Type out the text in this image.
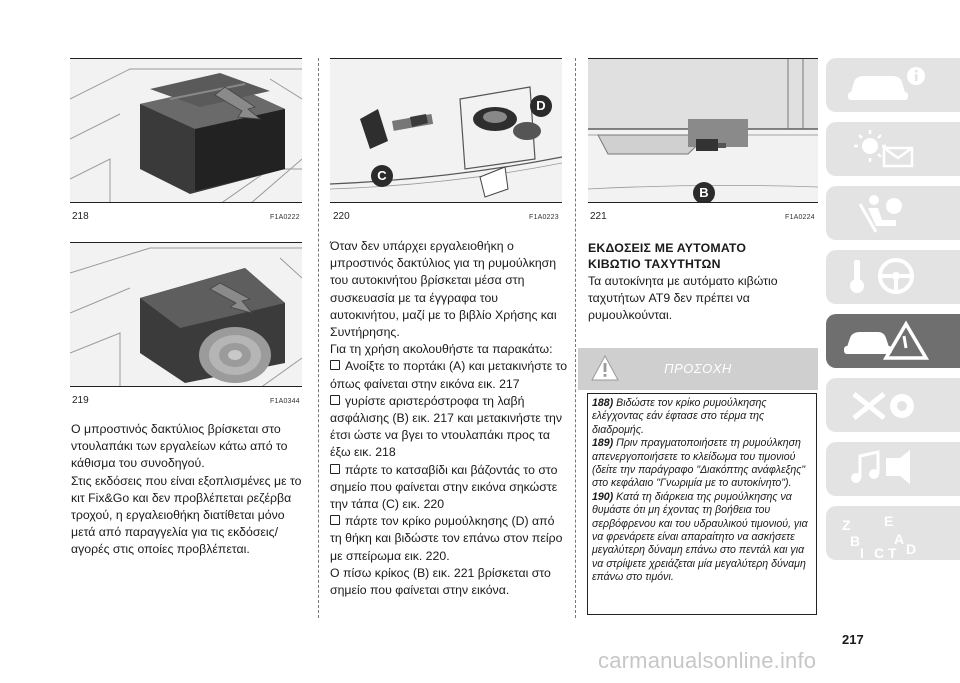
218	F1A0222
219	F1A0344

Ο μπροστινός δακτύλιος βρίσκεται στο ντουλαπάκι των εργαλείων κάτω από το κάθισμα του συνοδηγού.

Στις εκδόσεις που είναι εξοπλισμένες με το κιτ Fix&Go και δεν προβλέπεται ρεζέρβα τροχού, η εργαλειοθήκη διατίθεται μόνο μετά από παραγγελία για τις εκδόσεις/αγορές στις οποίες προβλέπεται.

C
D
220	F1A0223

Όταν δεν υπάρχει εργαλειοθήκη ο μπροστινός δακτύλιος για τη ρυμούλκηση του αυτοκινήτου βρίσκεται μέσα στη συσκευασία με τα έγγραφα του αυτοκινήτου, μαζί με το βιβλίο Χρήσης και Συντήρησης.

Για τη χρήση ακολουθήστε τα παρακάτω:

Ανοίξτε το πορτάκι (A) και μετακινήστε το όπως φαίνεται στην εικόνα εικ. 217

γυρίστε αριστερόστροφα τη λαβή ασφάλισης (B) εικ. 217 και μετακινήστε την έτσι ώστε να βγει το ντουλαπάκι προς τα έξω εικ. 218

πάρτε το κατσαβίδι και βάζοντάς το στο σημείο που φαίνεται στην εικόνα σηκώστε την τάπα (C) εικ. 220

πάρτε τον κρίκο ρυμούλκησης (D) από τη θήκη και βιδώστε τον επάνω στον πείρο με σπείρωμα εικ. 220.

Ο πίσω κρίκος (B) εικ. 221 βρίσκεται στο σημείο που φαίνεται στην εικόνα.

B
221	F1A0224
ΕΚΔΟΣΕΙΣ ΜΕ ΑΥΤΟΜΑΤΟ
ΚΙΒΩΤΙΟ ΤΑΧΥΤΗΤΩΝ

Τα αυτοκίνητα με αυτόματο κιβώτιο ταχυτήτων AT9 δεν πρέπει να ρυμουλκούνται.

ΠΡΟΣΟΧΗ

188) Βιδώστε τον κρίκο ρυμούλκησης ελέγχοντας εάν έφτασε στο τέρμα της διαδρομής.

189) Πριν πραγματοποιήσετε τη ρυμούλκηση απενεργοποιήσετε το κλείδωμα του τιμονιού (δείτε την παράγραφο "Διακόπτης ανάφλεξης" στο κεφάλαιο "Γνωριμία με το αυτοκίνητο").

190) Κατά τη διάρκεια της ρυμούλκησης να θυμάστε ότι μη έχοντας τη βοήθεια του σερβόφρενου και του υδραυλικού τιμονιού, για να φρενάρετε είναι απαραίτητο να ασκήσετε μεγαλύτερη δύναμη επάνω στο πεντάλ και για να στρίψετε χρειάζεται μία μεγαλύτερη δύναμη επάνω στο τιμόνι.

217
carmanualsonline.info
Z E
B A
I C T D
